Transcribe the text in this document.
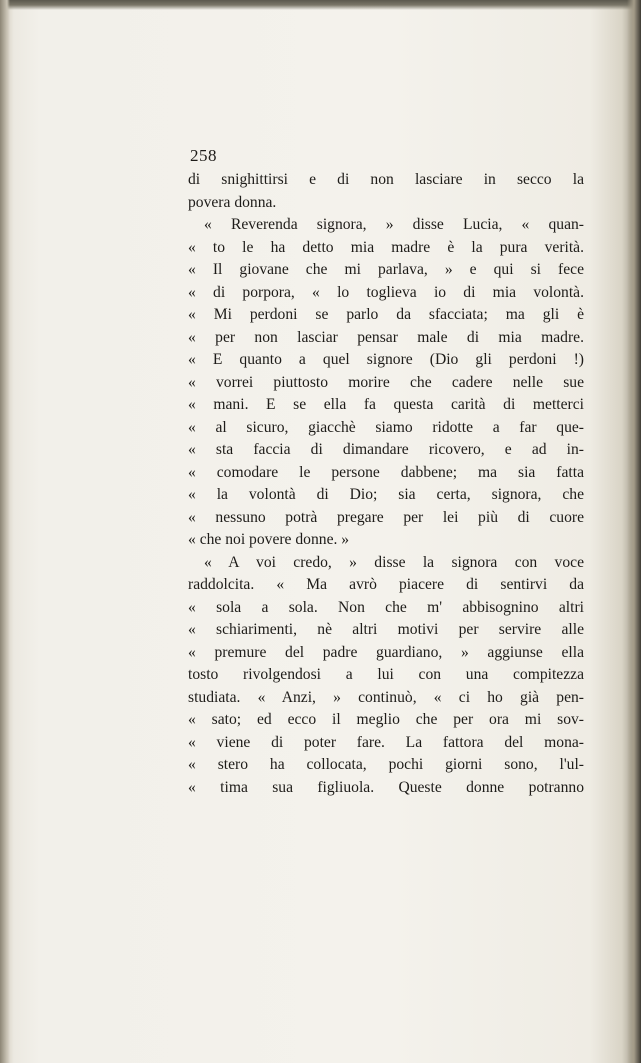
258
di snighittirsi e di non lasciare in secco la
povera donna.
« Reverenda signora, » disse Lucia, « quan-
« to le ha detto mia madre è la pura verità.
« Il giovane che mi parlava, » e qui si fece
« di porpora, « lo toglieva io di mia volontà.
« Mi perdoni se parlo da sfacciata; ma gli è
« per non lasciar pensar male di mia madre.
« E quanto a quel signore (Dio gli perdoni !)
« vorrei piuttosto morire che cadere nelle sue
« mani. E se ella fa questa carità di metterci
« al sicuro, giacchè siamo ridotte a far que-
« sta faccia di dimandare ricovero, e ad in-
« comodare le persone dabbene; ma sia fatta
« la volontà di Dio; sia certa, signora, che
« nessuno potrà pregare per lei più di cuore
« che noi povere donne. »
« A voi credo, » disse la signora con voce
raddolcita. « Ma avrò piacere di sentirvi da
« sola a sola. Non che m' abbisognino altri
« schiarimenti, nè altri motivi per servire alle
« premure del padre guardiano, » aggiunse ella
tosto rivolgendosi a lui con una compitezza
studiata. « Anzi, » continuò, « ci ho già pen-
« sato; ed ecco il meglio che per ora mi sov-
« viene di poter fare. La fattora del mona-
« stero ha collocata, pochi giorni sono, l'ul-
« tima sua figliuola. Queste donne potranno
